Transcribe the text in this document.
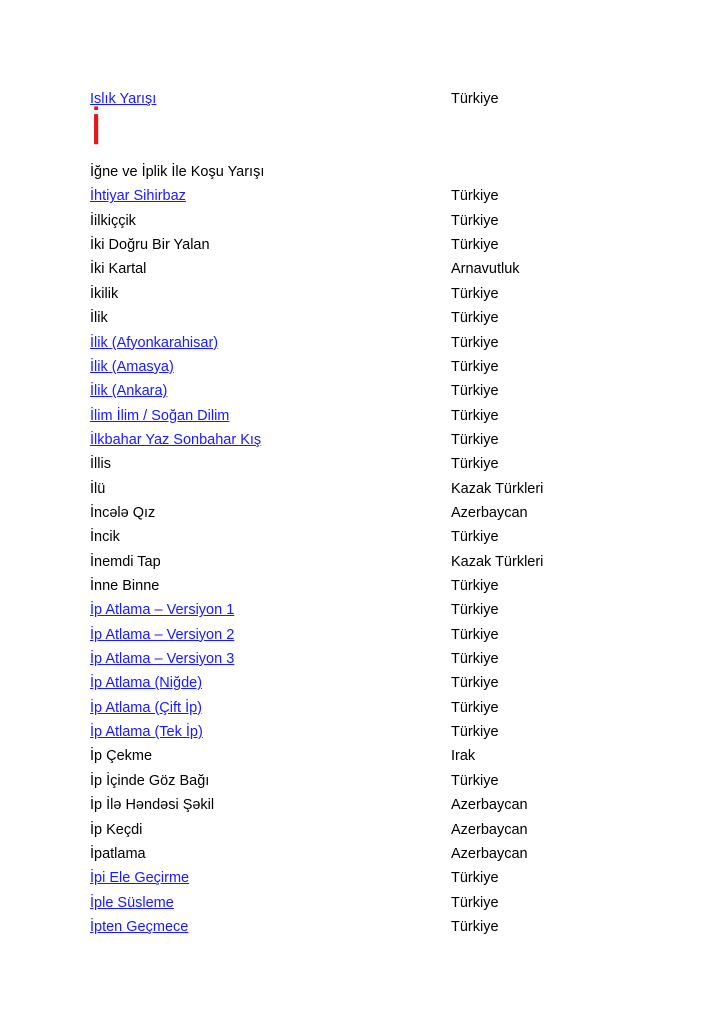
Islık Yarışı	Türkiye
İ
İğne ve İplik İle Koşu Yarışı
İhtiyar Sihirbaz	Türkiye
İilkiççik	Türkiye
İki Doğru Bir Yalan	Türkiye
İki Kartal	Arnavutluk
İkilik	Türkiye
İlik	Türkiye
İlik (Afyonkarahisar)	Türkiye
İlik (Amasya)	Türkiye
İlik (Ankara)	Türkiye
İlim İlim / Soğan Dilim	Türkiye
İlkbahar Yaz Sonbahar Kış	Türkiye
İllis	Türkiye
İlü	Kazak Türkleri
İncələ Qız	Azerbaycan
İncik	Türkiye
İnemdi Tap	Kazak Türkleri
İnne Binne	Türkiye
İp Atlama – Versiyon 1	Türkiye
İp Atlama – Versiyon 2	Türkiye
İp Atlama – Versiyon 3	Türkiye
İp Atlama (Niğde)	Türkiye
İp Atlama (Çift İp)	Türkiye
İp Atlama (Tek İp)	Türkiye
İp Çekme	Irak
İp İçinde Göz Bağı	Türkiye
İp İlə Həndəsi Şəkil	Azerbaycan
İp Keçdi	Azerbaycan
İpatlama	Azerbaycan
İpi Ele Geçirme	Türkiye
İple Süsleme	Türkiye
İpten Geçmece	Türkiye
